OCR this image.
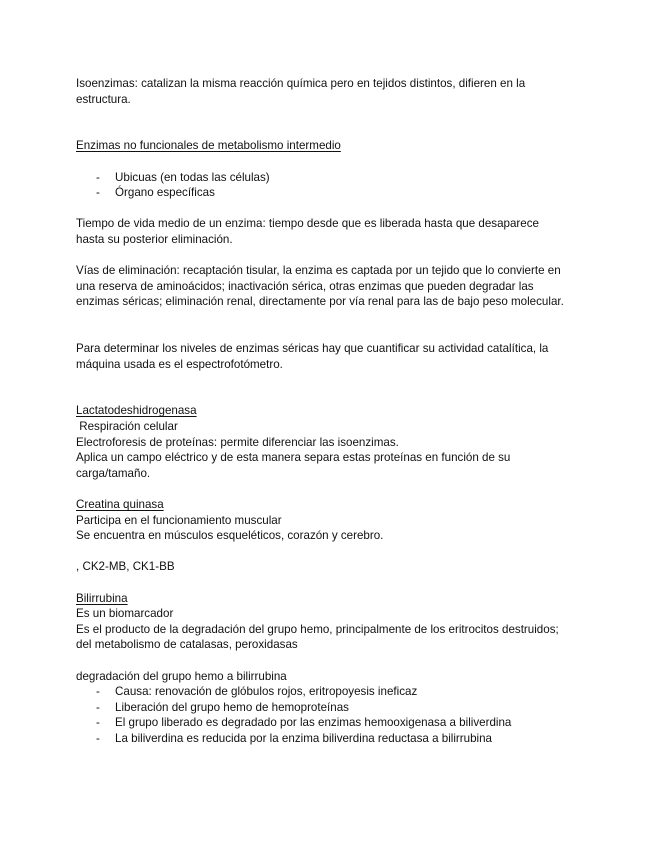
Isoenzimas: catalizan la misma reacción química pero en tejidos distintos, difieren en la

estructura.

Enzimas no funcionales de metabolismo intermedio

- Ubicuas (en todas las células)
- Órgano específicas

Tiempo de vida medio de un enzima: tiempo desde que es liberada hasta que desaparece

hasta su posterior eliminación.

Vías de eliminación: recaptación tisular, la enzima es captada por un tejido que lo convierte en

una reserva de aminoácidos; inactivación sérica, otras enzimas que pueden degradar las

enzimas séricas; eliminación renal, directamente por vía renal para las de bajo peso molecular.

Para determinar los niveles de enzimas séricas hay que cuantificar su actividad catalítica, la

máquina usada es el espectrofotómetro.

Lactatodeshidrogenasa

Respiración celular

Electroforesis de proteínas: permite diferenciar las isoenzimas.

Aplica un campo eléctrico y de esta manera separa estas proteínas en función de su

carga/tamaño.

Creatina quinasa

Participa en el funcionamiento muscular

Se encuentra en músculos esqueléticos, corazón y cerebro.

, CK2-MB, CK1-BB

Bilirrubina

Es un biomarcador

Es el producto de la degradación del grupo hemo, principalmente de los eritrocitos destruidos;

del metabolismo de catalasas, peroxidasas

degradación del grupo hemo a bilirrubina

- Causa: renovación de glóbulos rojos, eritropoyesis ineficaz
- Liberación del grupo hemo de hemoproteínas
- El grupo liberado es degradado por las enzimas hemooxigenasa a biliverdina
- La biliverdina es reducida por la enzima biliverdina reductasa a bilirrubina
